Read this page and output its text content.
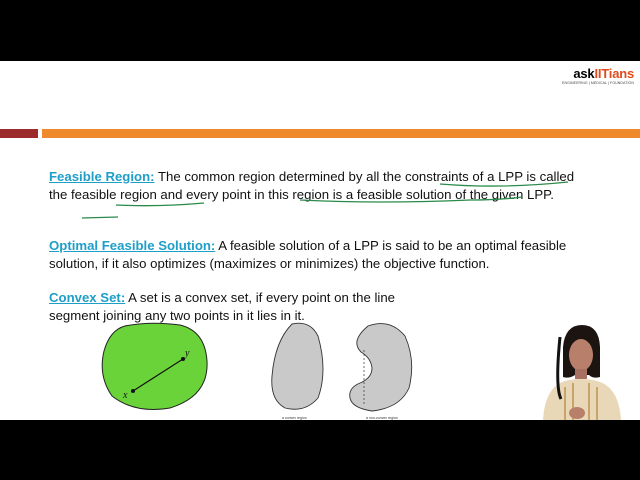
askIITians
ENGINEERING | MEDICAL | FOUNDATION
Feasible Region: The common region determined by all the constraints of a LPP is called the feasible region and every point in this region is a feasible solution of the given LPP.
Optimal Feasible Solution: A feasible solution of a LPP is said to be an optimal feasible solution, if it also optimizes (maximizes or minimizes) the objective function.
Convex Set: A set is a convex set, if every point on the line segment joining any two points in it lies in it.
x
y
a convex region	a non-convex region
